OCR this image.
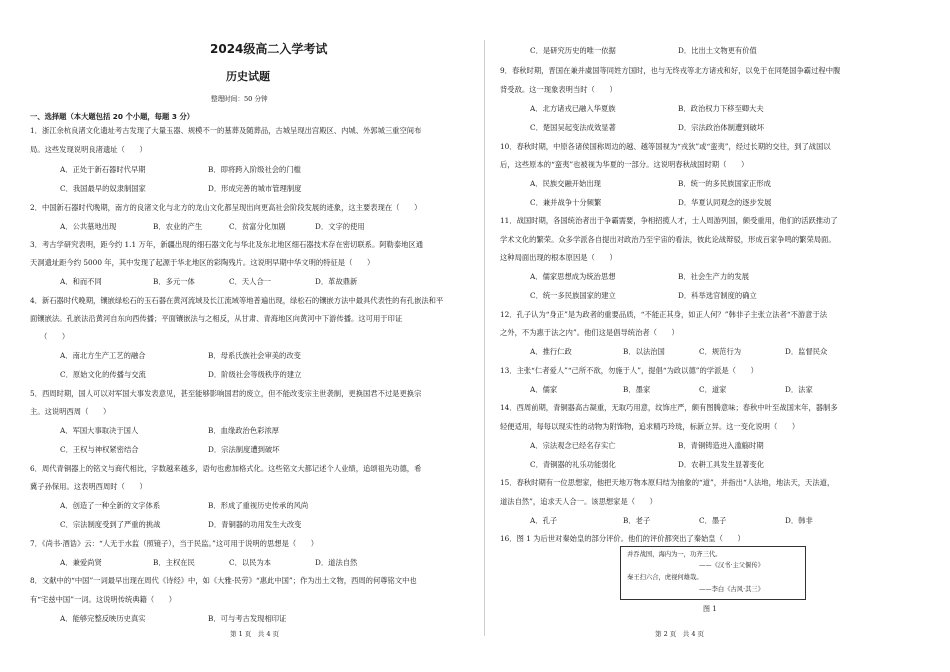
2024级高二入学考试
历史试题
整理时间：50 分钟
一、选择题（本大题包括 20 个小题，每题 3 分）
1．浙江余杭良渚文化遗址考古发现了大量玉器、规模不一的墓葬及随葬品，古城呈现出宫殿区、内城、外郭城三重空间布
局。这些发现说明良渚遗址（　　）
A．正处于新石器时代早期	B．即将跨入阶级社会的门槛
C．我国最早的奴隶制国家	D．形成完善的城市管理制度
2．中国新石器时代晚期，南方的良渚文化与北方的龙山文化都呈现出向更高社会阶段发展的迹象，这主要表现在（　　）
A．公共墓地出现	B．农业的产生	C．贫富分化加剧	D．文字的使用
3．考古学研究表明，距今约 1.1 万年，新疆出现的细石器文化与华北及东北地区细石器技术存在密切联系。阿勒泰地区通
天洞遗址距今约 5000 年，其中发现了起源于华北地区的彩陶残片。这说明早期中华文明的特征是（　　）
A．和而不同	B．多元一体	C．天人合一	D．革故鼎新
4．新石器时代晚期，镶嵌绿松石的玉石器在黄河流域及长江流域等地普遍出现，绿松石的镶嵌方法中最具代表性的有孔嵌法和平
面镶嵌法。孔嵌法沿黄河自东向西传播；平面镶嵌法与之相反，从甘肃、青海地区向黄河中下游传播。这可用于印证
（　　）
A．南北方生产工艺的融合	B．母系氏族社会审美的改变
C．原始文化的传播与交流	D．阶级社会等级秩序的建立
5．西周时期，国人可以对军国大事发表意见，甚至能够影响国君的废立，但不能改变宗主世袭制，更换国君不过是更换宗
主。这说明西周（　　）
A．军国大事取决于国人	B．血缘政治色彩浓厚
C．王权与神权紧密结合	D．宗法制度遭到破坏
6．周代青铜器上的铭文与商代相比，字数越来越多，语句也愈加格式化。这些铭文大都记述个人业绩，追颂祖先功德，希
冀子孙保用。这表明西周时（　　）
A．创造了一种全新的文字体系	B．形成了重视历史传承的风尚
C．宗法制度受到了严重的挑战	D．青铜器的功用发生大改变
7．《尚书·酒诰》云：“人无于水监（照镜子），当于民监。”这可用于说明的思想是（　　）
A．兼爱尚贤	B．主权在民	C．以民为本	D．道法自然
8．文献中的“中国”一词最早出现在周代《诗经》中，如《大雅·民劳》“惠此中国”；作为出土文物，西周的何尊铭文中也
有“宅兹中国”一词。这说明传统典籍（　　）
A．能够完整反映历史真实	B．可与考古发现相印证
第 1 页　共 4 页
C．是研究历史的唯一依据	D．比出土文物更有价值
9．春秋时期，晋国在兼并虞国等同姓方国时，也与无终戎等北方诸戎和好，以免于在同楚国争霸过程中腹
背受敌。这一现象表明当时（　　）
A．北方诸戎已融入华夏族	B．政治权力下移至卿大夫
C．楚国吴起变法成效显著	D．宗法政治体制遭到破坏
10．春秋时期，中原各诸侯国称周边的越、越等国视为“戎狄”或“蛮夷”，经过长期的交往，到了战国以
后，这些原本的“蛮夷”也被视为华夏的一部分。这说明春秋战国时期（　　）
A．民族交融开始出现	B．统一的多民族国家正形成
C．兼并战争十分频繁	D．华夏认同观念的逐步发展
11．战国时期，各国统治者出于争霸需要，争相招揽人才，士人周游列国，颇受重用，他们的活跃推动了
学术文化的繁荣。众多学派各自提出对政治乃至宇宙的看法，彼此论战辩驳，形成百家争鸣的繁荣局面。
这种局面出现的根本原因是（　　）
A．儒家思想成为统治思想	B．社会生产力的发展
C．统一多民族国家的建立	D．科举选官制度的确立
12．孔子认为“身正”是为政者的重要品质，“不能正其身，如正人何？”韩非子主张立法者“不游意于法
之外，不为惠于法之内”。他们这是倡导统治者（　　）
A．推行仁政	B．以法治国	C．规范行为	D．监督民众
13．主张“仁者爱人”“己所不欲，勿施于人”，提倡“为政以德”的学派是（　　）
A．儒家	B．墨家	C．道家	D．法家
14．西周前期，青铜器高古凝重，无取巧用意，纹饰庄严，颇有图腾意味；春秋中叶至战国末年，器制多
轻便适用，每每以现实性的动物为附饰物，追求精巧玲珑，标新立异。这一变化说明（　　）
A．宗法观念已经名存实亡	B．青铜铸造进入滥觞时期
C．青铜器的礼乐功能弱化	D．农耕工具发生显著变化
15．春秋时期有一位思想家，他把天地万物本原归结为抽象的“道”，并指出“人法地，地法天，天法道，
道法自然”，追求天人合一。该思想家是（　　）
A．孔子	B．老子	C．墨子	D．韩非
16．图 1 为后世对秦始皇的部分评价。他们的评价都突出了秦始皇（　　）
并吞战国，海内为一，功齐三代。
——《汉书·主父偃传》
秦王扫六合，虎视何雄哉。
——李白《古风·其三》
图 1
第 2 页　共 4 页
